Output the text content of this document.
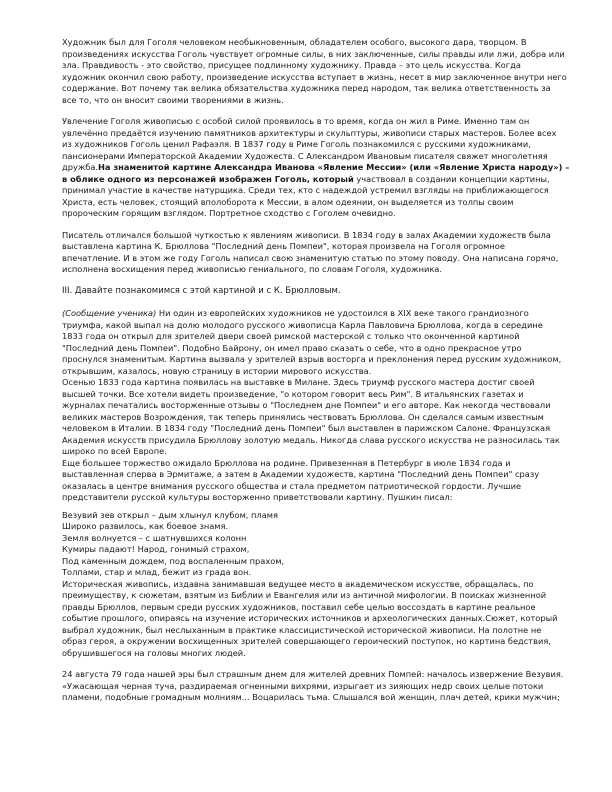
Художник был для Гоголя человеком необыкновенным, обладателем особого, высокого дара, творцом. В
произведениях искусства Гоголь чувствует огромные силы, в них заключенные, силы правды или лжи, добра или
зла. Правдивость - это свойство, присущее подлинному художнику. Правда – это цель искусства. Когда
художник окончил свою работу, произведение искусства вступает в жизнь, несет в мир заключенное внутри него
содержание. Вот почему так велика обязательства художника перед народом, так велика ответственность за
все то, что он вносит своими творениями в жизнь.
Увлечение Гоголя живописью с особой силой проявилось в то время, когда он жил в Риме. Именно там он
увлечённо предаётся изучению памятников архитектуры и скульптуры, живописи старых мастеров. Более всех
из художников Гоголь ценил Рафаэля. В 1837 году в Риме Гоголь познакомился с русскими художниками,
пансионерами Императорской Академии Художеств. С Александром Ивановым писателя свяжет многолетняя
дружба.На знаменитой картине Александра Иванова «Явление Мессии» (или «Явление Христа народу») –
в облике одного из персонажей изображен Гоголь, который участвовал в создании концепции картины,
принимал участие в качестве натурщика. Среди тех, кто с надеждой устремил взгляды на приближающегося
Христа, есть человек, стоящий вполоборота к Мессии, в алом одеянии, он выделяется из толпы своим
пророческим горящим взглядом. Портретное сходство с Гоголем очевидно.
Писатель отличался большой чуткостью к явлениям живописи. В 1834 году в залах Академии художеств была
выставлена картина К. Брюллова "Последний день Помпеи", которая произвела на Гоголя огромное
впечатление. И в этом же году Гоголь написал свою знаменитую статью по этому поводу. Она написана горячо,
исполнена восхищения перед живописью гениального, по словам Гоголя, художника.
III. Давайте познакомимся с этой картиной и с К. Брюлловым.
(Сообщение ученика) Ни один из европейских художников не удостоился в XIX веке такого грандиозного
триумфа, какой выпал на долю молодого русского живописца Карла Павловича Брюллова, когда в середине
1833 года он открыл для зрителей двери своей римской мастерской с только что оконченной картиной
"Последний день Помпеи". Подобно Байрону, он имел право сказать о себе, что в одно прекрасное утро
проснулся знаменитым. Картина вызвала у зрителей взрыв восторга и преклонения перед русским художником,
открывшим, казалось, новую страницу в истории мирового искусства.
Осенью 1833 года картина появилась на выставке в Милане. Здесь триумф русского мастера достиг своей
высшей точки. Все хотели видеть произведение, "о котором говорит весь Рим". В итальянских газетах и
журналах печатались восторженные отзывы о "Последнем дне Помпеи" и его авторе. Как некогда чествовали
великих мастеров Возрождения, так теперь принялись чествовать Брюллова. Он сделался самым известным
человеком в Италии. В 1834 году "Последний день Помпеи" был выставлен в парижском Салоне. Французская
Академия искусств присудила Брюллову золотую медаль. Никогда слава русского искусства не разносилась так
широко по всей Европе.
Еще большее торжество ожидало Брюллова на родине. Привезенная в Петербург в июле 1834 года и
выставленная сперва в Эрмитаже, а затем в Академии художеств, картина "Последний день Помпеи" сразу
оказалась в центре внимания русского общества и стала предметом патриотической гордости. Лучшие
представители русской культуры восторженно приветствовали картину. Пушкин писал:
Везувий зев открыл – дым хлынул клубом, пламя
Широко развилось, как боевое знамя.
Земля волнуется – с шатнувшихся колонн
Кумиры падают! Народ, гонимый страхом,
Под каменным дождем, под воспаленным прахом,
Толпами, стар и млад, бежит из града вон.
Историческая живопись, издавна занимавшая ведущее место в академическом искусстве, обращалась, по
преимуществу, к сюжетам, взятым из Библии и Евангелия или из античной мифологии. В поисках жизненной
правды Брюллов, первым среди русских художников, поставил себе целью воссоздать в картине реальное
событие прошлого, опираясь на изучение исторических источников и археологических данных.Сюжет, который
выбрал художник, был неслыханным в практике классицистической исторической живописи. На полотне не
образ героя, а окружении восхищенных зрителей совершающего героический поступок, но картина бедствия,
обрушившегося на головы многих людей.
24 августа 79 года нашей эры был страшным днем для жителей древних Помпей: началось извержение Везувия.
«Ужасающая черная туча, раздираемая огненными вихрями, изрыгает из зияющих недр своих целые потоки
пламени, подобные громадным молниям... Воцарилась тьма. Слышался вой женщин, плач детей, крики мужчин;
